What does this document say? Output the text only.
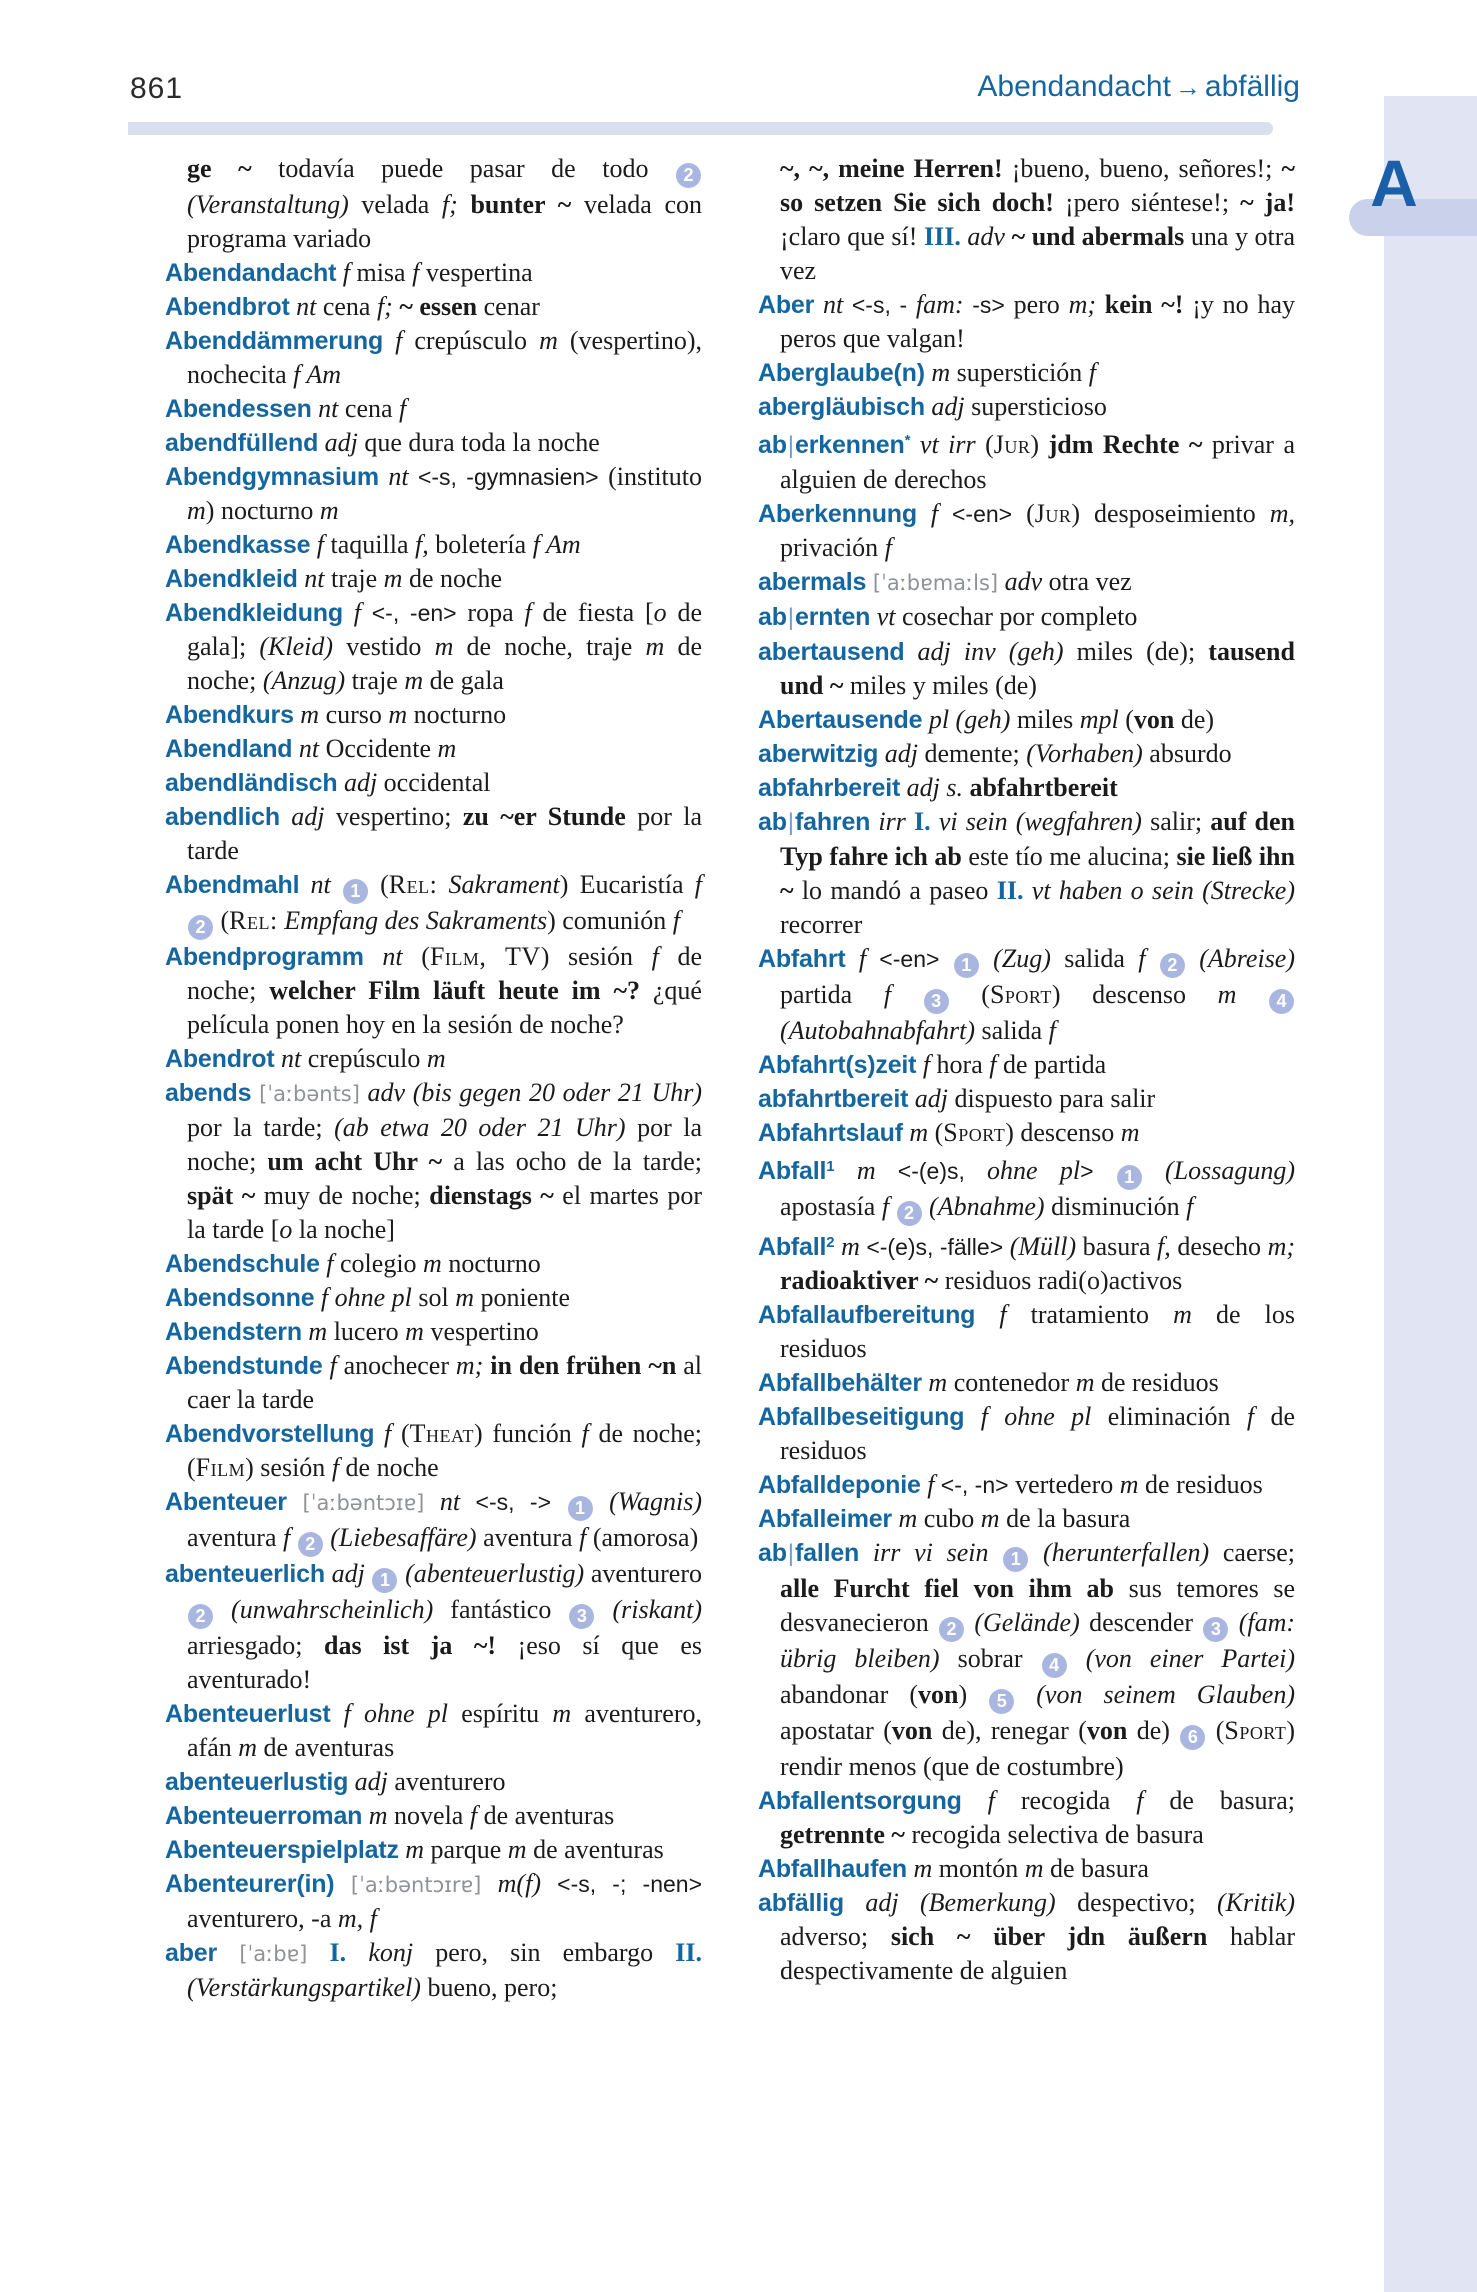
861	Abendandacht → abfällig
A

ge ~ todavía puede pasar de todo 2 (Veranstaltung) velada f; bunter ~ velada con programa variado

Abendandacht f misa f vespertina

Abendbrot nt cena f; ~ essen cenar

Abenddämmerung f crepúsculo m (vespertino), nochecita f Am

Abendessen nt cena f

abendfüllend adj que dura toda la noche

Abendgymnasium nt <-s, -gymnasien> (instituto m) nocturno m

Abendkasse f taquilla f, boletería f Am

Abendkleid nt traje m de noche

Abendkleidung f <-, -en> ropa f de fiesta [o de gala]; (Kleid) vestido m de noche, traje m de noche; (Anzug) traje m de gala

Abendkurs m curso m nocturno

Abendland nt Occidente m

abendländisch adj occidental

abendlich adj vespertino; zu ~er Stunde por la tarde

Abendmahl nt 1 (Rel: Sakrament) Eucaristía f 2 (Rel: Empfang des Sakraments) comunión f

Abendprogramm nt (Film, TV) sesión f de noche; welcher Film läuft heute im ~? ¿qué película ponen hoy en la sesión de noche?

Abendrot nt crepúsculo m

abends [ˈaːbənts] adv (bis gegen 20 oder 21 Uhr) por la tarde; (ab etwa 20 oder 21 Uhr) por la noche; um acht Uhr ~ a las ocho de la tarde; spät ~ muy de noche; dienstags ~ el martes por la tarde [o la noche]

Abendschule f colegio m nocturno

Abendsonne f ohne pl sol m poniente

Abendstern m lucero m vespertino

Abendstunde f anochecer m; in den frühen ~n al caer la tarde

Abendvorstellung f (Theat) función f de noche; (Film) sesión f de noche

Abenteuer [ˈaːbəntɔɪɐ] nt <-s, -> 1 (Wagnis) aventura f 2 (Liebesaffäre) aventura f (amorosa)

abenteuerlich adj 1 (abenteuerlustig) aventurero 2 (unwahrscheinlich) fantástico 3 (riskant) arriesgado; das ist ja ~! ¡eso sí que es aventurado!

Abenteuerlust f ohne pl espíritu m aventurero, afán m de aventuras

abenteuerlustig adj aventurero

Abenteuerroman m novela f de aventuras

Abenteuerspielplatz m parque m de aventuras

Abenteurer(in) [ˈaːbəntɔɪrɐ] m(f) <-s, -; -nen> aventurero, -a m, f

aber [ˈaːbɐ] I. konj pero, sin embargo II. (Verstärkungspartikel) bueno, pero;

~, ~, meine Herren! ¡bueno, bueno, señores!; ~ so setzen Sie sich doch! ¡pero siéntese!; ~ ja! ¡claro que sí! III. adv ~ und abermals una y otra vez

Aber nt <-s, - fam: -s> pero m; kein ~! ¡y no hay peros que valgan!

Aberglaube(n) m superstición f

abergläubisch adj supersticioso

ab|erkennen* vt irr (Jur) jdm Rechte ~ privar a alguien de derechos

Aberkennung f <-en> (Jur) desposeimiento m, privación f

abermals [ˈaːbɐmaːls] adv otra vez

ab|ernten vt cosechar por completo

abertausend adj inv (geh) miles (de); tausend und ~ miles y miles (de)

Abertausende pl (geh) miles mpl (von de)

aberwitzig adj demente; (Vorhaben) absurdo

abfahrbereit adj s. abfahrtbereit

ab|fahren irr I. vi sein (wegfahren) salir; auf den Typ fahre ich ab este tío me alucina; sie ließ ihn ~ lo mandó a paseo II. vt haben o sein (Strecke) recorrer

Abfahrt f <-en> 1 (Zug) salida f 2 (Abreise) partida f 3 (Sport) descenso m 4 (Autobahnabfahrt) salida f

Abfahrt(s)zeit f hora f de partida

abfahrtbereit adj dispuesto para salir

Abfahrtslauf m (Sport) descenso m

Abfall$^1$ m <-(e)s, ohne pl> 1 (Lossagung) apostasía f 2 (Abnahme) disminución f

Abfall$^2$ m <-(e)s, -fälle> (Müll) basura f, desecho m; radioaktiver ~ residuos radi(o)activos

Abfallaufbereitung f tratamiento m de los residuos

Abfallbehälter m contenedor m de residuos

Abfallbeseitigung f ohne pl eliminación f de residuos

Abfalldeponie f <-, -n> vertedero m de residuos

Abfalleimer m cubo m de la basura

ab|fallen irr vi sein 1 (herunterfallen) caerse; alle Furcht fiel von ihm ab sus temores se desvanecieron 2 (Gelände) descender 3 (fam: übrig bleiben) sobrar 4 (von einer Partei) abandonar (von) 5 (von seinem Glauben) apostatar (von de), renegar (von de) 6 (Sport) rendir menos (que de costumbre)

Abfallentsorgung f recogida f de basura; getrennte ~ recogida selectiva de basura

Abfallhaufen m montón m de basura

abfällig adj (Bemerkung) despectivo; (Kritik) adverso; sich ~ über jdn äußern hablar despectivamente de alguien
